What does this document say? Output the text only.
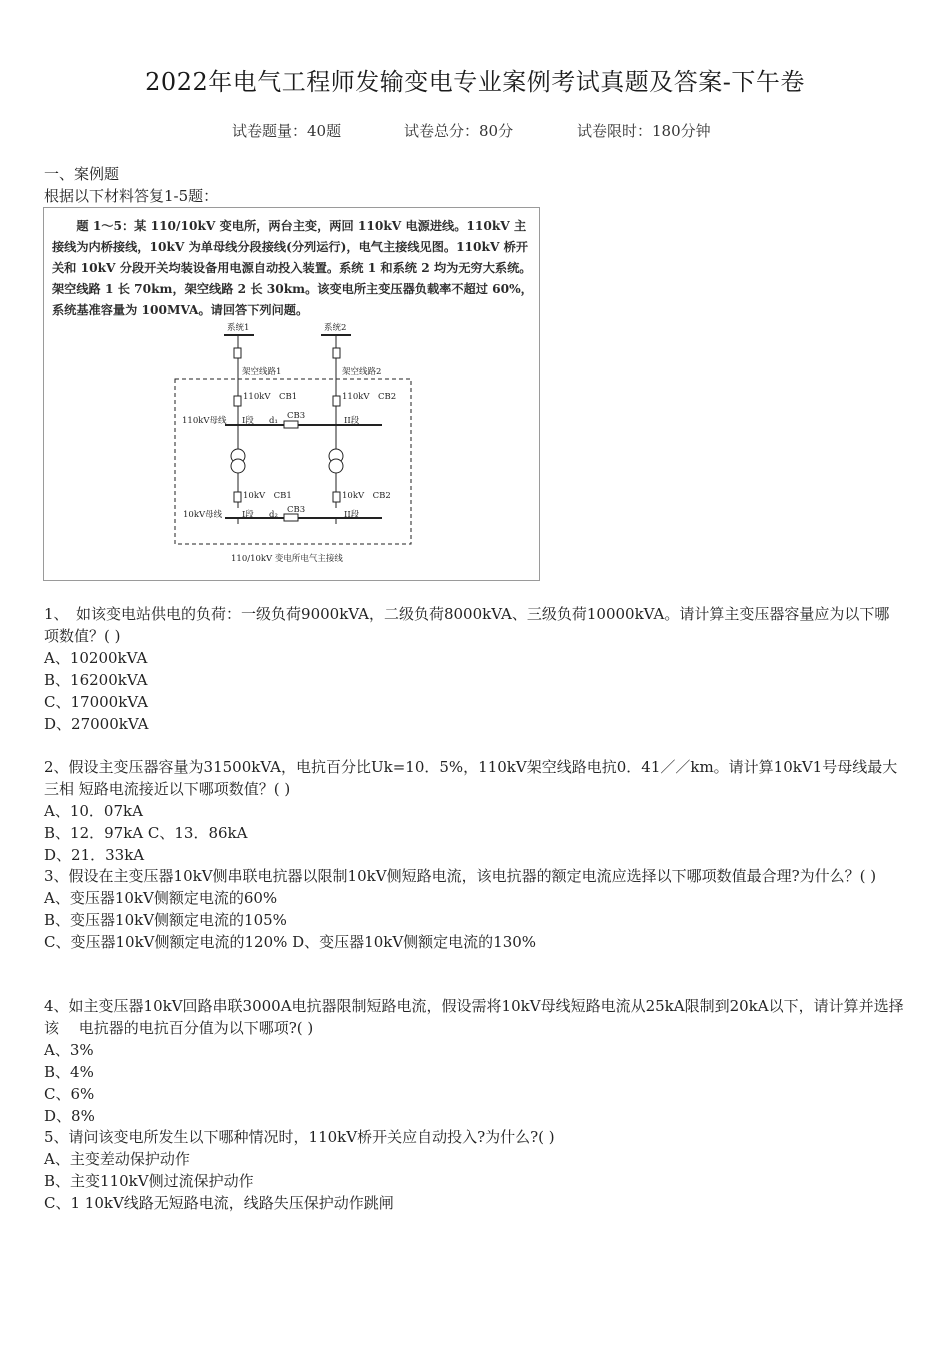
2022年电气工程师发输变电专业案例考试真题及答案-下午卷
试卷题量：40题	试卷总分：80分	试卷限时：180分钟
一、案例题
根据以下材料答复1-5题：
题 1～5：某 110/10kV 变电所，两台主变，两回 110kV 电源进线。110kV 主接线为内桥接线，10kV 为单母线分段接线(分列运行)，电气主接线见图。110kV 桥开关和 10kV 分段开关均装设备用电源自动投入装置。系统 1 和系统 2 均为无穷大系统。架空线路 1 长 70km，架空线路 2 长 30km。该变电所主变压器负载率不超过 60%，系统基准容量为 100MVA。请回答下列问题。
系统1	系统2
架空线路1	架空线路2
110kV　CB1	110kV　CB2
110kV母线 I段 d₁ CB3	II段
10kV　CB1	10kV　CB2
10kV母线 I段 d₂ CB3	II段
110/10kV 变电所电气主接线
1、　如该变电站供电的负荷：一级负荷9000kVA，二级负荷8000kVA、三级负荷10000kVA。请计算主变压器容量应为以下哪项数值？( )
A、10200kVA
B、16200kVA
C、17000kVA
D、27000kVA
2、假设主变压器容量为31500kVA，电抗百分比Uk=10．5%，110kV架空线路电抗0．41／／km。请计算10kV1号母线最大三相 短路电流接近以下哪项数值？( )
A、10．07kA
B、12．97kA C、13．86kA
D、21．33kA
3、假设在主变压器10kV侧串联电抗器以限制10kV侧短路电流，该电抗器的额定电流应选择以下哪项数值最合理?为什么？( )
A、变压器10kV侧额定电流的60%
B、变压器10kV侧额定电流的105%
C、变压器10kV侧额定电流的120% D、变压器10kV侧额定电流的130%
4、如主变压器10kV回路串联3000A电抗器限制短路电流，假设需将10kV母线短路电流从25kA限制到20kA以下，请计算并选择该　 电抗器的电抗百分值为以下哪项?( )
A、3%
B、4%
C、6%
D、8%
5、请问该变电所发生以下哪种情况时，110kV桥开关应自动投入?为什么?( )
A、主变差动保护动作
B、主变110kV侧过流保护动作
C、1 10kV线路无短路电流，线路失压保护动作跳闸
